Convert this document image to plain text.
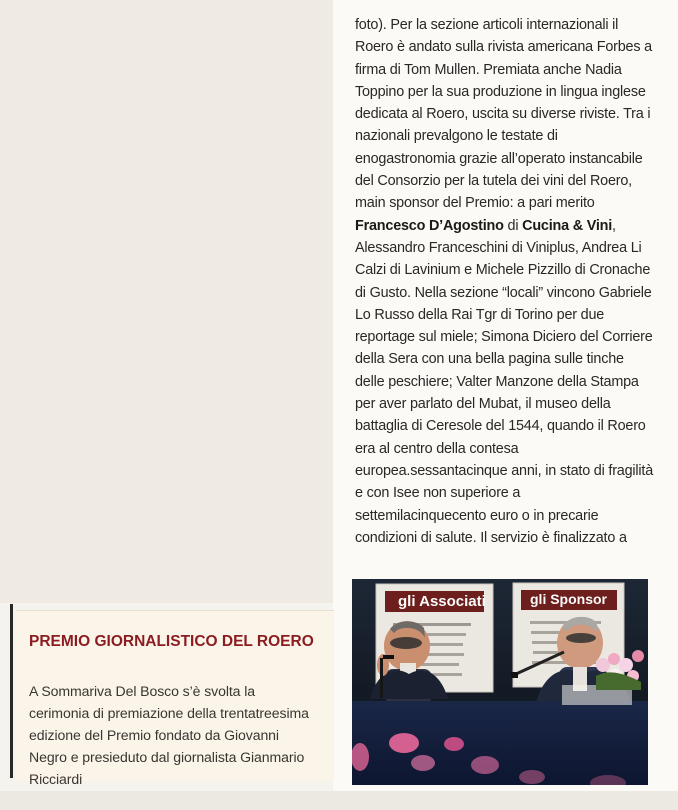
foto). Per la sezione articoli internazionali il Roero è andato sulla rivista americana Forbes a firma di Tom Mullen. Premiata anche Nadia Toppino per la sua produzione in lingua inglese dedicata al Roero, uscita su diverse riviste. Tra i nazionali prevalgono le testate di enogastronomia grazie all’operato instancabile del Consorzio per la tutela dei vini del Roero, main sponsor del Premio: a pari merito Francesco D’Agostino di Cucina & Vini, Alessandro Franceschini di Viniplus, Andrea Li Calzi di Lavinium e Michele Pizzillo di Cronache di Gusto. Nella sezione “locali” vincono Gabriele Lo Russo della Rai Tgr di Torino per due reportage sul miele; Simona Diciero del Corriere della Sera con una bella pagina sulle tinche delle peschiere; Valter Manzone della Stampa per aver parlato del Mubat, il museo della battaglia di Ceresole del 1544, quando il Roero era al centro della contesa europea.sessantacinque anni, in stato di fragilità e con Isee non superiore a settemilacinquecento euro o in precarie condizioni di salute. Il servizio è finalizzato a

PREMIO GIORNALISTICO DEL ROERO

A Sommariva Del Bosco s’è svolta la cerimonia di premiazione della trentatreesima edizione del Premio fondato da Giovanni Negro e presieduto dal giornalista Gianmario Ricciardi

gli Associati	gli Sponsor
